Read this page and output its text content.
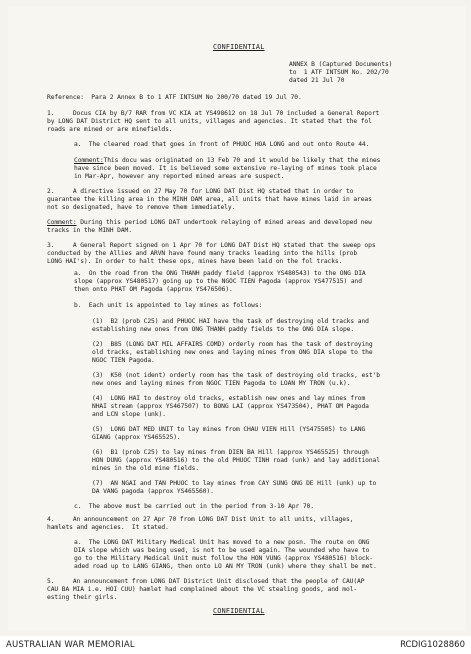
CONFIDENTIAL
ANNEX B (Captured Documents)
to  1 ATF INTSUM No. 202/70
dated 21 Jul 70
Reference:  Para 2 Annex B to 1 ATF INTSUM No 200/70 dated 19 Jul 70.
1.     Docus CIA by B/7 RAR from VC KIA at YS498612 on 18 Jul 70 included a General Report
by LONG DAT District HQ sent to all units, villages and agencies. It stated that the fol
roads are mined or are minefields.
a.  The cleared road that goes in front of PHUOC HOA LONG and out onto Route 44.
Comment:This docu was originated on 13 Feb 70 and it would be likely that the mines
have since been moved. It is believed some extensive re-laying of mines took place
in Mar-Apr, however any reported mined areas are suspect.
2.     A directive issued on 27 May 70 for LONG DAT Dist HQ stated that in order to
guarantee the killing area in the MINH DAM area, all units that have mines laid in areas
not so designated, have to remove them immediately.
Comment: During this period LONG DAT undertook relaying of mined areas and developed new
tracks in the MINH DAM.
3.     A General Report signed on 1 Apr 70 for LONG DAT Dist HQ stated that the sweep ops
conducted by the Allies and ARVN have found many tracks leading into the hills (prob
LONG HAI's). In order to halt these ops, mines have been laid on the fol tracks.
a.  On the road from the ONG THANH paddy field (approx YS480543) to the ONG DIA
slope (approx YS480517) going up to the NGOC TIEN Pagoda (approx YS477515) and
then onto PHAT OM Pagoda (approx YS476506).
b.  Each unit is appointed to lay mines as follows:
(1)  B2 (prob C25) and PHUOC HAI have the task of destroying old tracks and
establishing new ones from ONG THANH paddy fields to the ONG DIA slope.
(2)  B85 (LONG DAT MIL AFFAIRS COMD) orderly room has the task of destroying
old tracks, establishing new ones and laying mines from ONG DIA slope to the
NGOC TIEN Pagoda.
(3)  K50 (not ident) orderly room has the task of destroying old tracks, est'b
new ones and laying mines from NGOC TIEN Pagoda to LOAN MY TRON (u.k).
(4)  LONG HAI to destroy old tracks, establish new ones and lay mines from
NHAI stream (approx YS467507) to BONG LAI (approx YS473504), PHAT OM Pagoda
and LCN slope (unk).
(5)  LONG DAT MED UNIT to lay mines from CHAU VIEN Hill (YS475505) to LANG
GIANG (approx YS465525).
(6)  B1 (prob C25) to lay mines from DIEN BA Hill (approx YS465525) through
HON DUNG (approx YS480516) to the old PHUOC TINH road (unk) and lay additional
mines in the old mine fields.
(7)  AN NGAI and TAN PHUOC to lay mines from CAY SUNG ONG DE Hill (unk) up to
DA VANG pagoda (approx YS465560).
c.  The above must be carried out in the period from 3-10 Apr 70.
4.     An announcement on 27 Apr 70 from LONG DAT Dist Unit to all units, villages,
hamlets and agencies.  It stated.
a.  The LONG DAT Military Medical Unit has moved to a new posn. The route on ONG
DIA slope which was being used, is not to be used again. The wounded who have to
go to the Military Medical Unit must follow the HON VUNG (approx YS480516) block-
aded road up to LANG GIANG, then onto LO AN MY TRON (unk) where they shall be met.
5.     An announcement from LONG DAT District Unit disclosed that the people of CAU(AP
CAU BA MIA i.e. HOI CUU) hamlet had complained about the VC stealing goods, and mol-
esting their girls.
CONFIDENTIAL
AUSTRALIAN WAR MEMORIAL	RCDIG1028860
